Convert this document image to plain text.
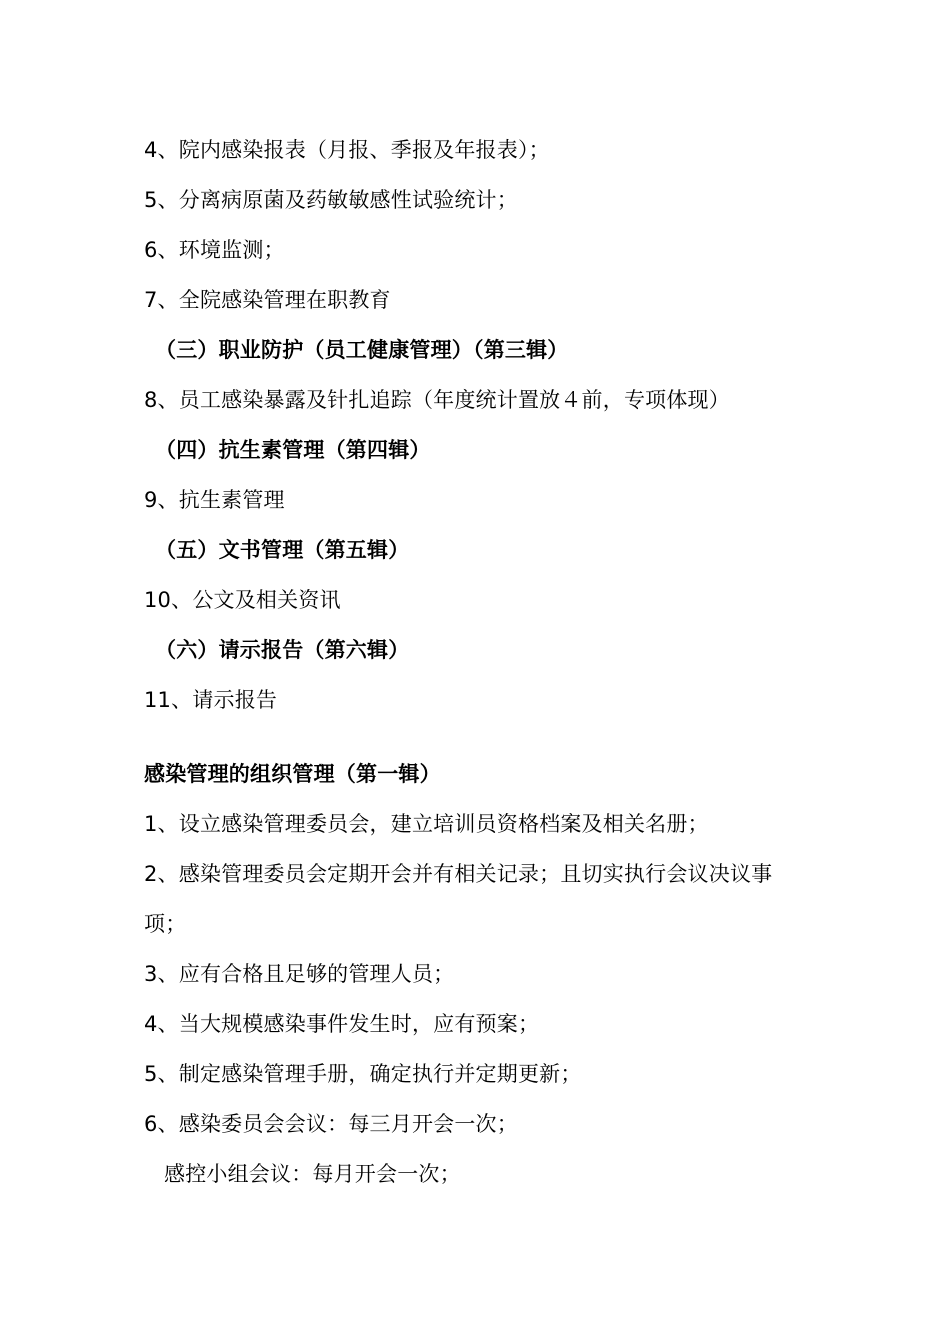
4、院内感染报表（月报、季报及年报表）；
5、分离病原菌及药敏敏感性试验统计；
6、环境监测；
7、全院感染管理在职教育
（三）职业防护（员工健康管理）（第三辑）
8、员工感染暴露及针扎追踪（年度统计置放４前，专项体现）
（四）抗生素管理（第四辑）
9、抗生素管理
（五）文书管理（第五辑）
10、公文及相关资讯
（六）请示报告（第六辑）
11、请示报告
感染管理的组织管理（第一辑）
1、设立感染管理委员会，建立培训员资格档案及相关名册；
2、感染管理委员会定期开会并有相关记录；且切实执行会议决议事
项；
3、应有合格且足够的管理人员；
4、当大规模感染事件发生时，应有预案；
5、制定感染管理手册，确定执行并定期更新；
6、感染委员会会议：每三月开会一次；
感控小组会议：每月开会一次；
